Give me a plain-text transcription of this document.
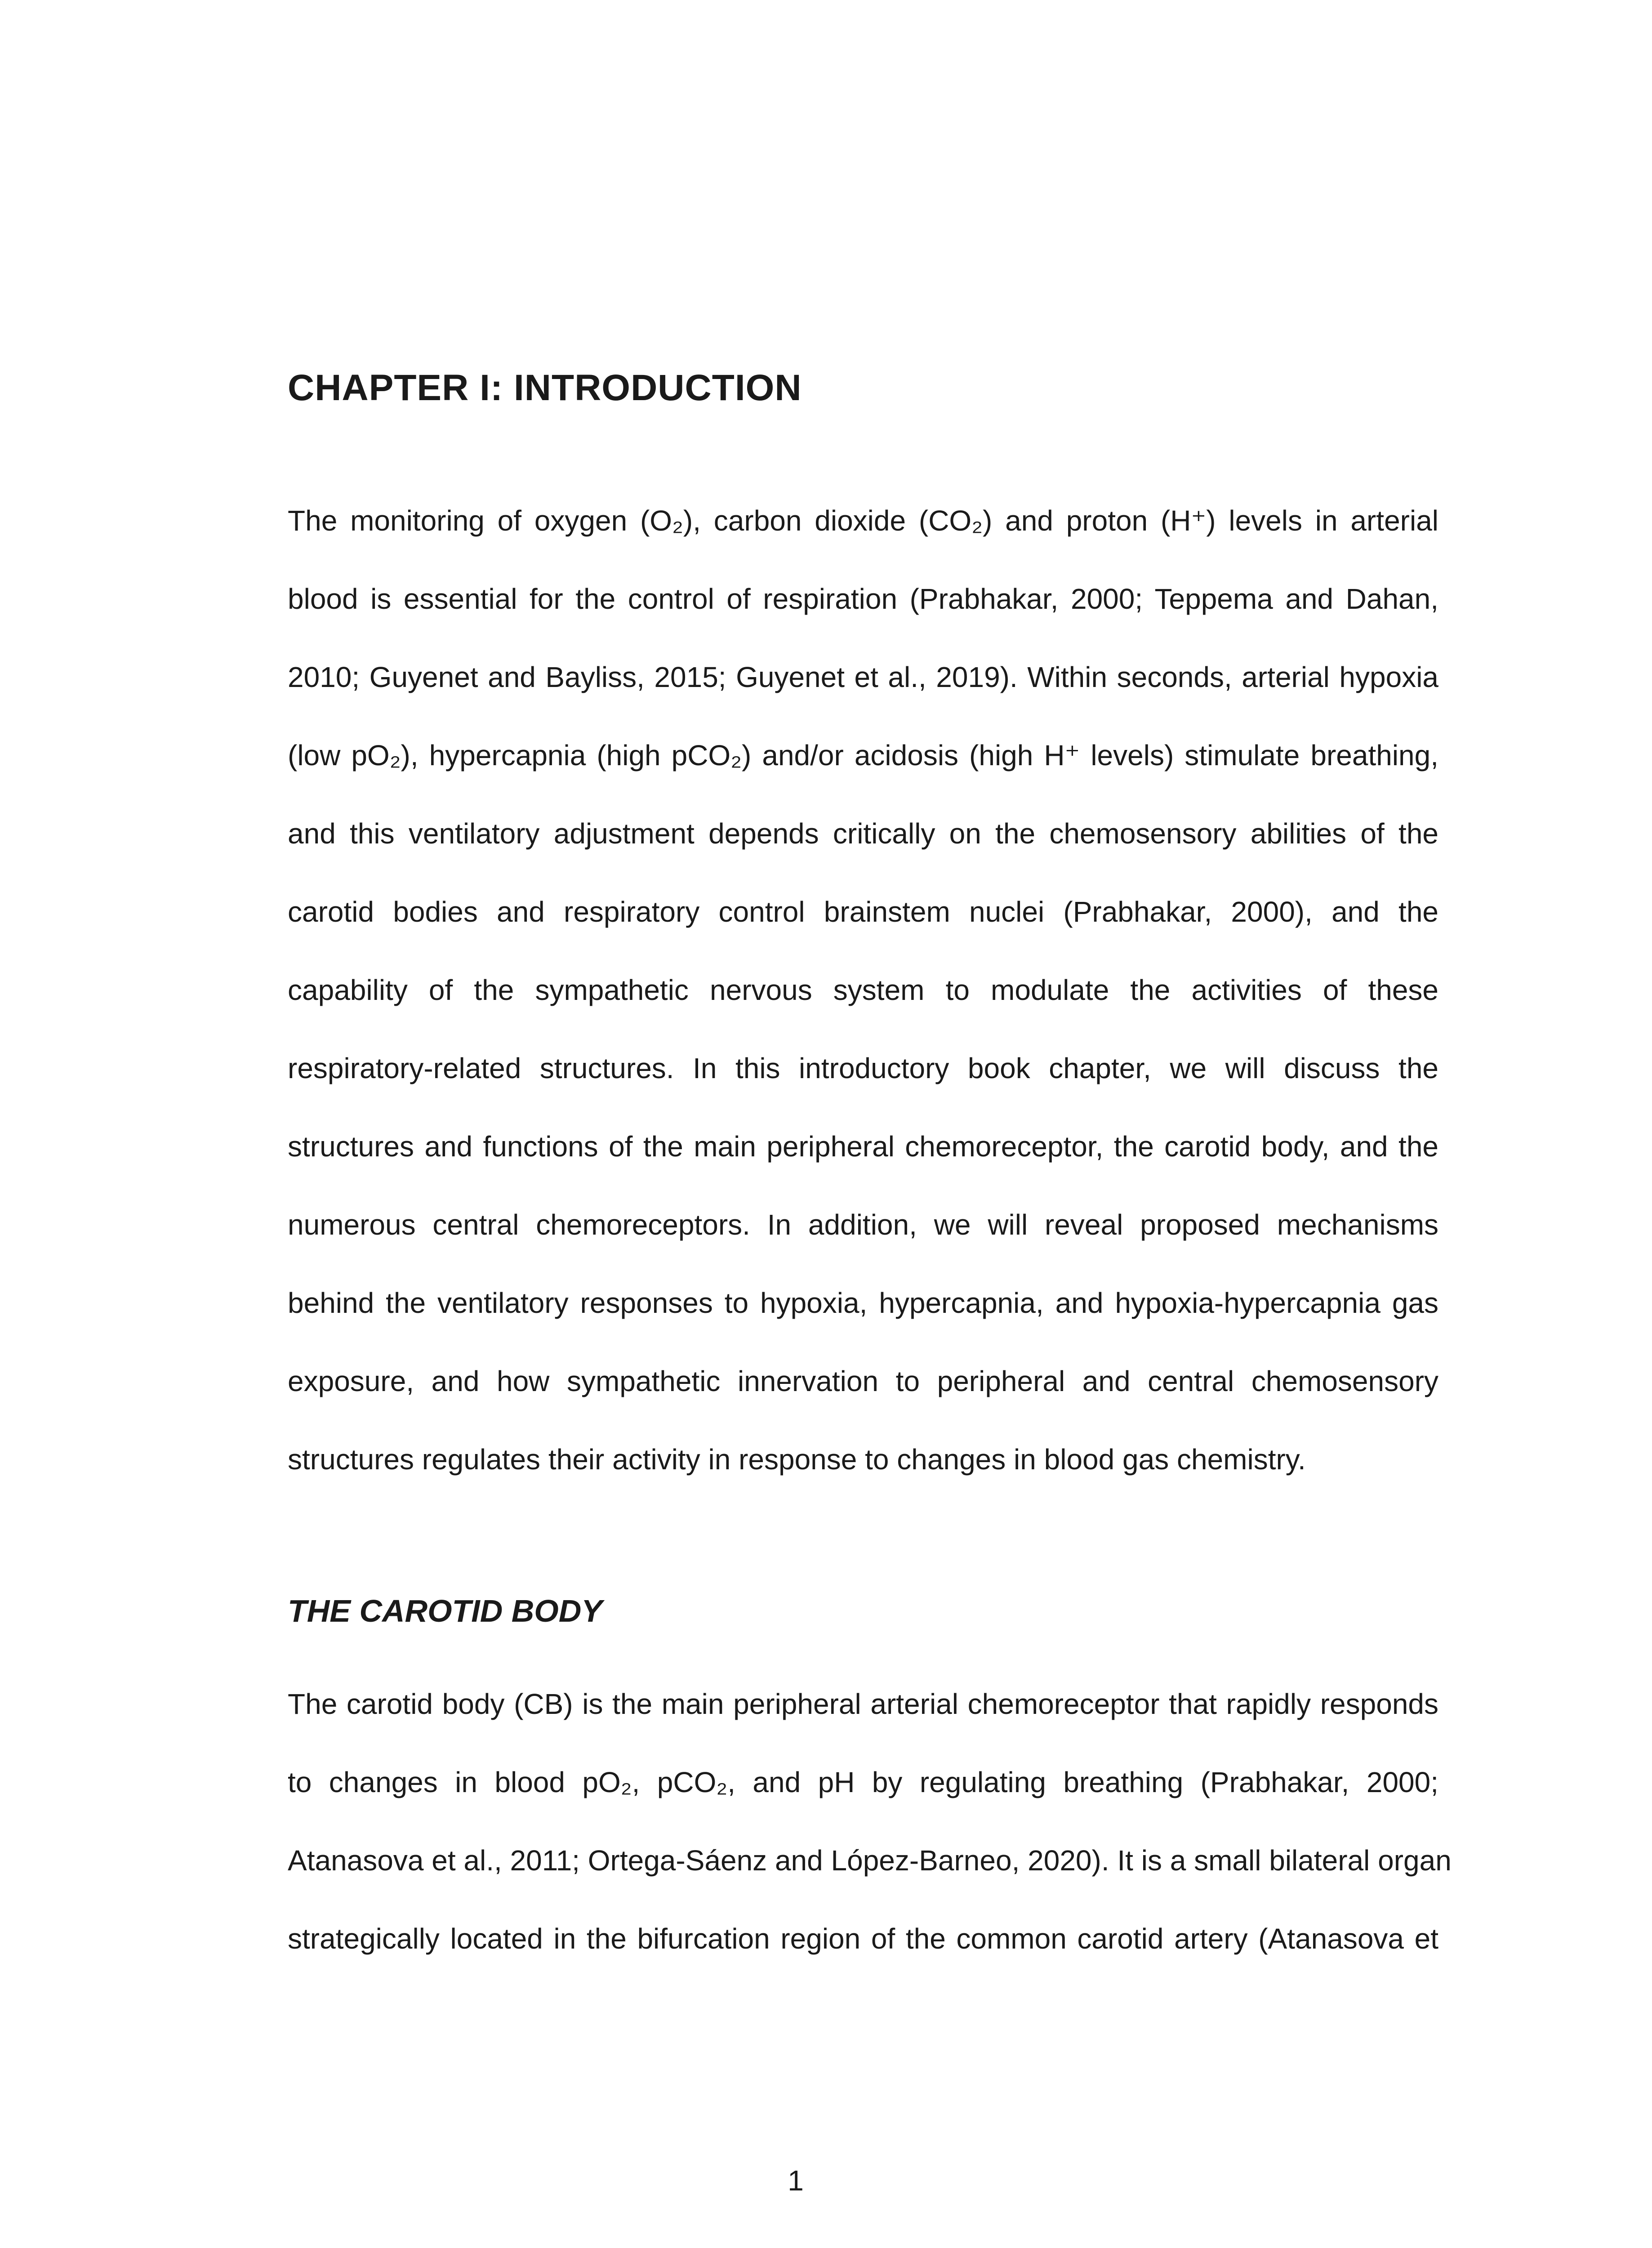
CHAPTER I: INTRODUCTION
The monitoring of oxygen (O₂), carbon dioxide (CO₂) and proton (H⁺) levels in arterial
blood is essential for the control of respiration (Prabhakar, 2000; Teppema and Dahan,
2010; Guyenet and Bayliss, 2015; Guyenet et al., 2019). Within seconds, arterial hypoxia
(low pO₂), hypercapnia (high pCO₂) and/or acidosis (high H⁺ levels) stimulate breathing,
and this ventilatory adjustment depends critically on the chemosensory abilities of the
carotid bodies and respiratory control brainstem nuclei (Prabhakar, 2000), and the
capability of the sympathetic nervous system to modulate the activities of these
respiratory-related structures. In this introductory book chapter, we will discuss the
structures and functions of the main peripheral chemoreceptor, the carotid body, and the
numerous central chemoreceptors. In addition, we will reveal proposed mechanisms
behind the ventilatory responses to hypoxia, hypercapnia, and hypoxia-hypercapnia gas
exposure, and how sympathetic innervation to peripheral and central chemosensory
structures regulates their activity in response to changes in blood gas chemistry.
THE CAROTID BODY
The carotid body (CB) is the main peripheral arterial chemoreceptor that rapidly responds
to changes in blood pO₂, pCO₂, and pH by regulating breathing (Prabhakar, 2000;
Atanasova et al., 2011; Ortega-Sáenz and López-Barneo, 2020). It is a small bilateral organ
strategically located in the bifurcation region of the common carotid artery (Atanasova et
1
